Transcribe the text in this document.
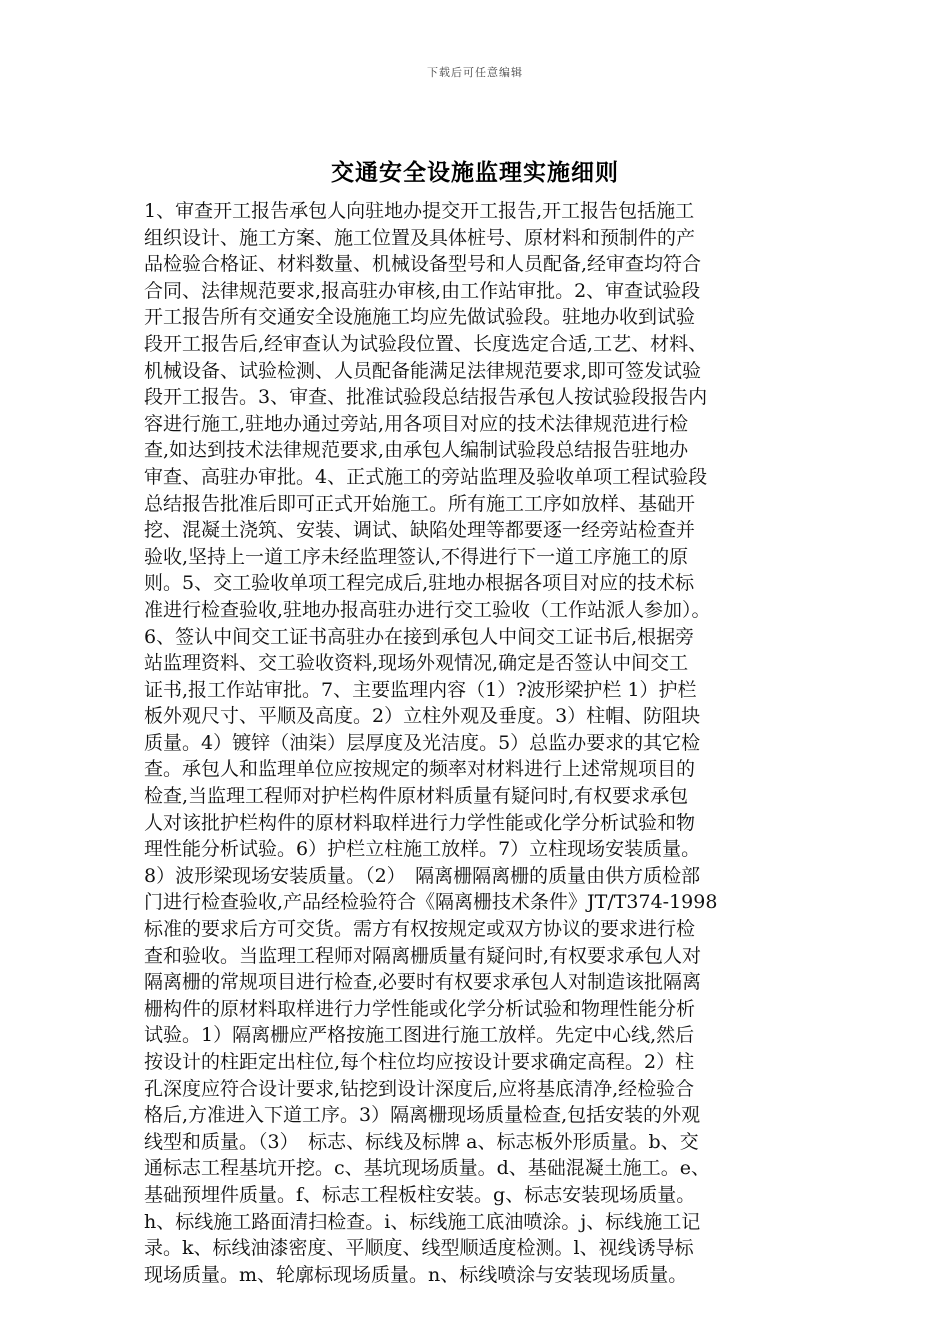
下载后可任意编辑
交通安全设施监理实施细则
1、审查开工报告承包人向驻地办提交开工报告,开工报告包括施工
组织设计、施工方案、施工位置及具体桩号、原材料和预制件的产
品检验合格证、材料数量、机械设备型号和人员配备,经审查均符合
合同、法律规范要求,报高驻办审核,由工作站审批。2、审查试验段
开工报告所有交通安全设施施工均应先做试验段。驻地办收到试验
段开工报告后,经审查认为试验段位置、长度选定合适,工艺、材料、
机械设备、试验检测、人员配备能满足法律规范要求,即可签发试验
段开工报告。3、审查、批准试验段总结报告承包人按试验段报告内
容进行施工,驻地办通过旁站,用各项目对应的技术法律规范进行检
查,如达到技术法律规范要求,由承包人编制试验段总结报告驻地办
审查、高驻办审批。4、正式施工的旁站监理及验收单项工程试验段
总结报告批准后即可正式开始施工。所有施工工序如放样、基础开
挖、混凝土浇筑、安装、调试、缺陷处理等都要逐一经旁站检查并
验收,坚持上一道工序未经监理签认,不得进行下一道工序施工的原
则。5、交工验收单项工程完成后,驻地办根据各项目对应的技术标
准进行检查验收,驻地办报高驻办进行交工验收（工作站派人参加）。
6、签认中间交工证书高驻办在接到承包人中间交工证书后,根据旁
站监理资料、交工验收资料,现场外观情况,确定是否签认中间交工
证书,报工作站审批。7、主要监理内容（1）?波形梁护栏 1）护栏
板外观尺寸、平顺及高度。2）立柱外观及垂度。3）柱帽、防阻块
质量。4）镀锌（油柒）层厚度及光洁度。5）总监办要求的其它检
查。承包人和监理单位应按规定的频率对材料进行上述常规项目的
检查,当监理工程师对护栏构件原材料质量有疑问时,有权要求承包
人对该批护栏构件的原材料取样进行力学性能或化学分析试验和物
理性能分析试验。6）护栏立柱施工放样。7）立柱现场安装质量。
8）波形梁现场安装质量。（2）　隔离栅隔离栅的质量由供方质检部
门进行检查验收,产品经检验符合《隔离栅技术条件》JT/T374-1998
标准的要求后方可交货。需方有权按规定或双方协议的要求进行检
查和验收。当监理工程师对隔离栅质量有疑问时,有权要求承包人对
隔离栅的常规项目进行检查,必要时有权要求承包人对制造该批隔离
栅构件的原材料取样进行力学性能或化学分析试验和物理性能分析
试验。1）隔离栅应严格按施工图进行施工放样。先定中心线,然后
按设计的柱距定出柱位,每个柱位均应按设计要求确定高程。2）柱
孔深度应符合设计要求,钻挖到设计深度后,应将基底清净,经检验合
格后,方准进入下道工序。3）隔离栅现场质量检查,包括安装的外观
线型和质量。（3）　标志、标线及标牌 a、标志板外形质量。b、交
通标志工程基坑开挖。c、基坑现场质量。d、基础混凝土施工。e、
基础预埋件质量。f、标志工程板柱安装。g、标志安装现场质量。
h、标线施工路面清扫检查。i、标线施工底油喷涂。j、标线施工记
录。k、标线油漆密度、平顺度、线型顺适度检测。l、视线诱导标
现场质量。m、轮廓标现场质量。n、标线喷涂与安装现场质量。
